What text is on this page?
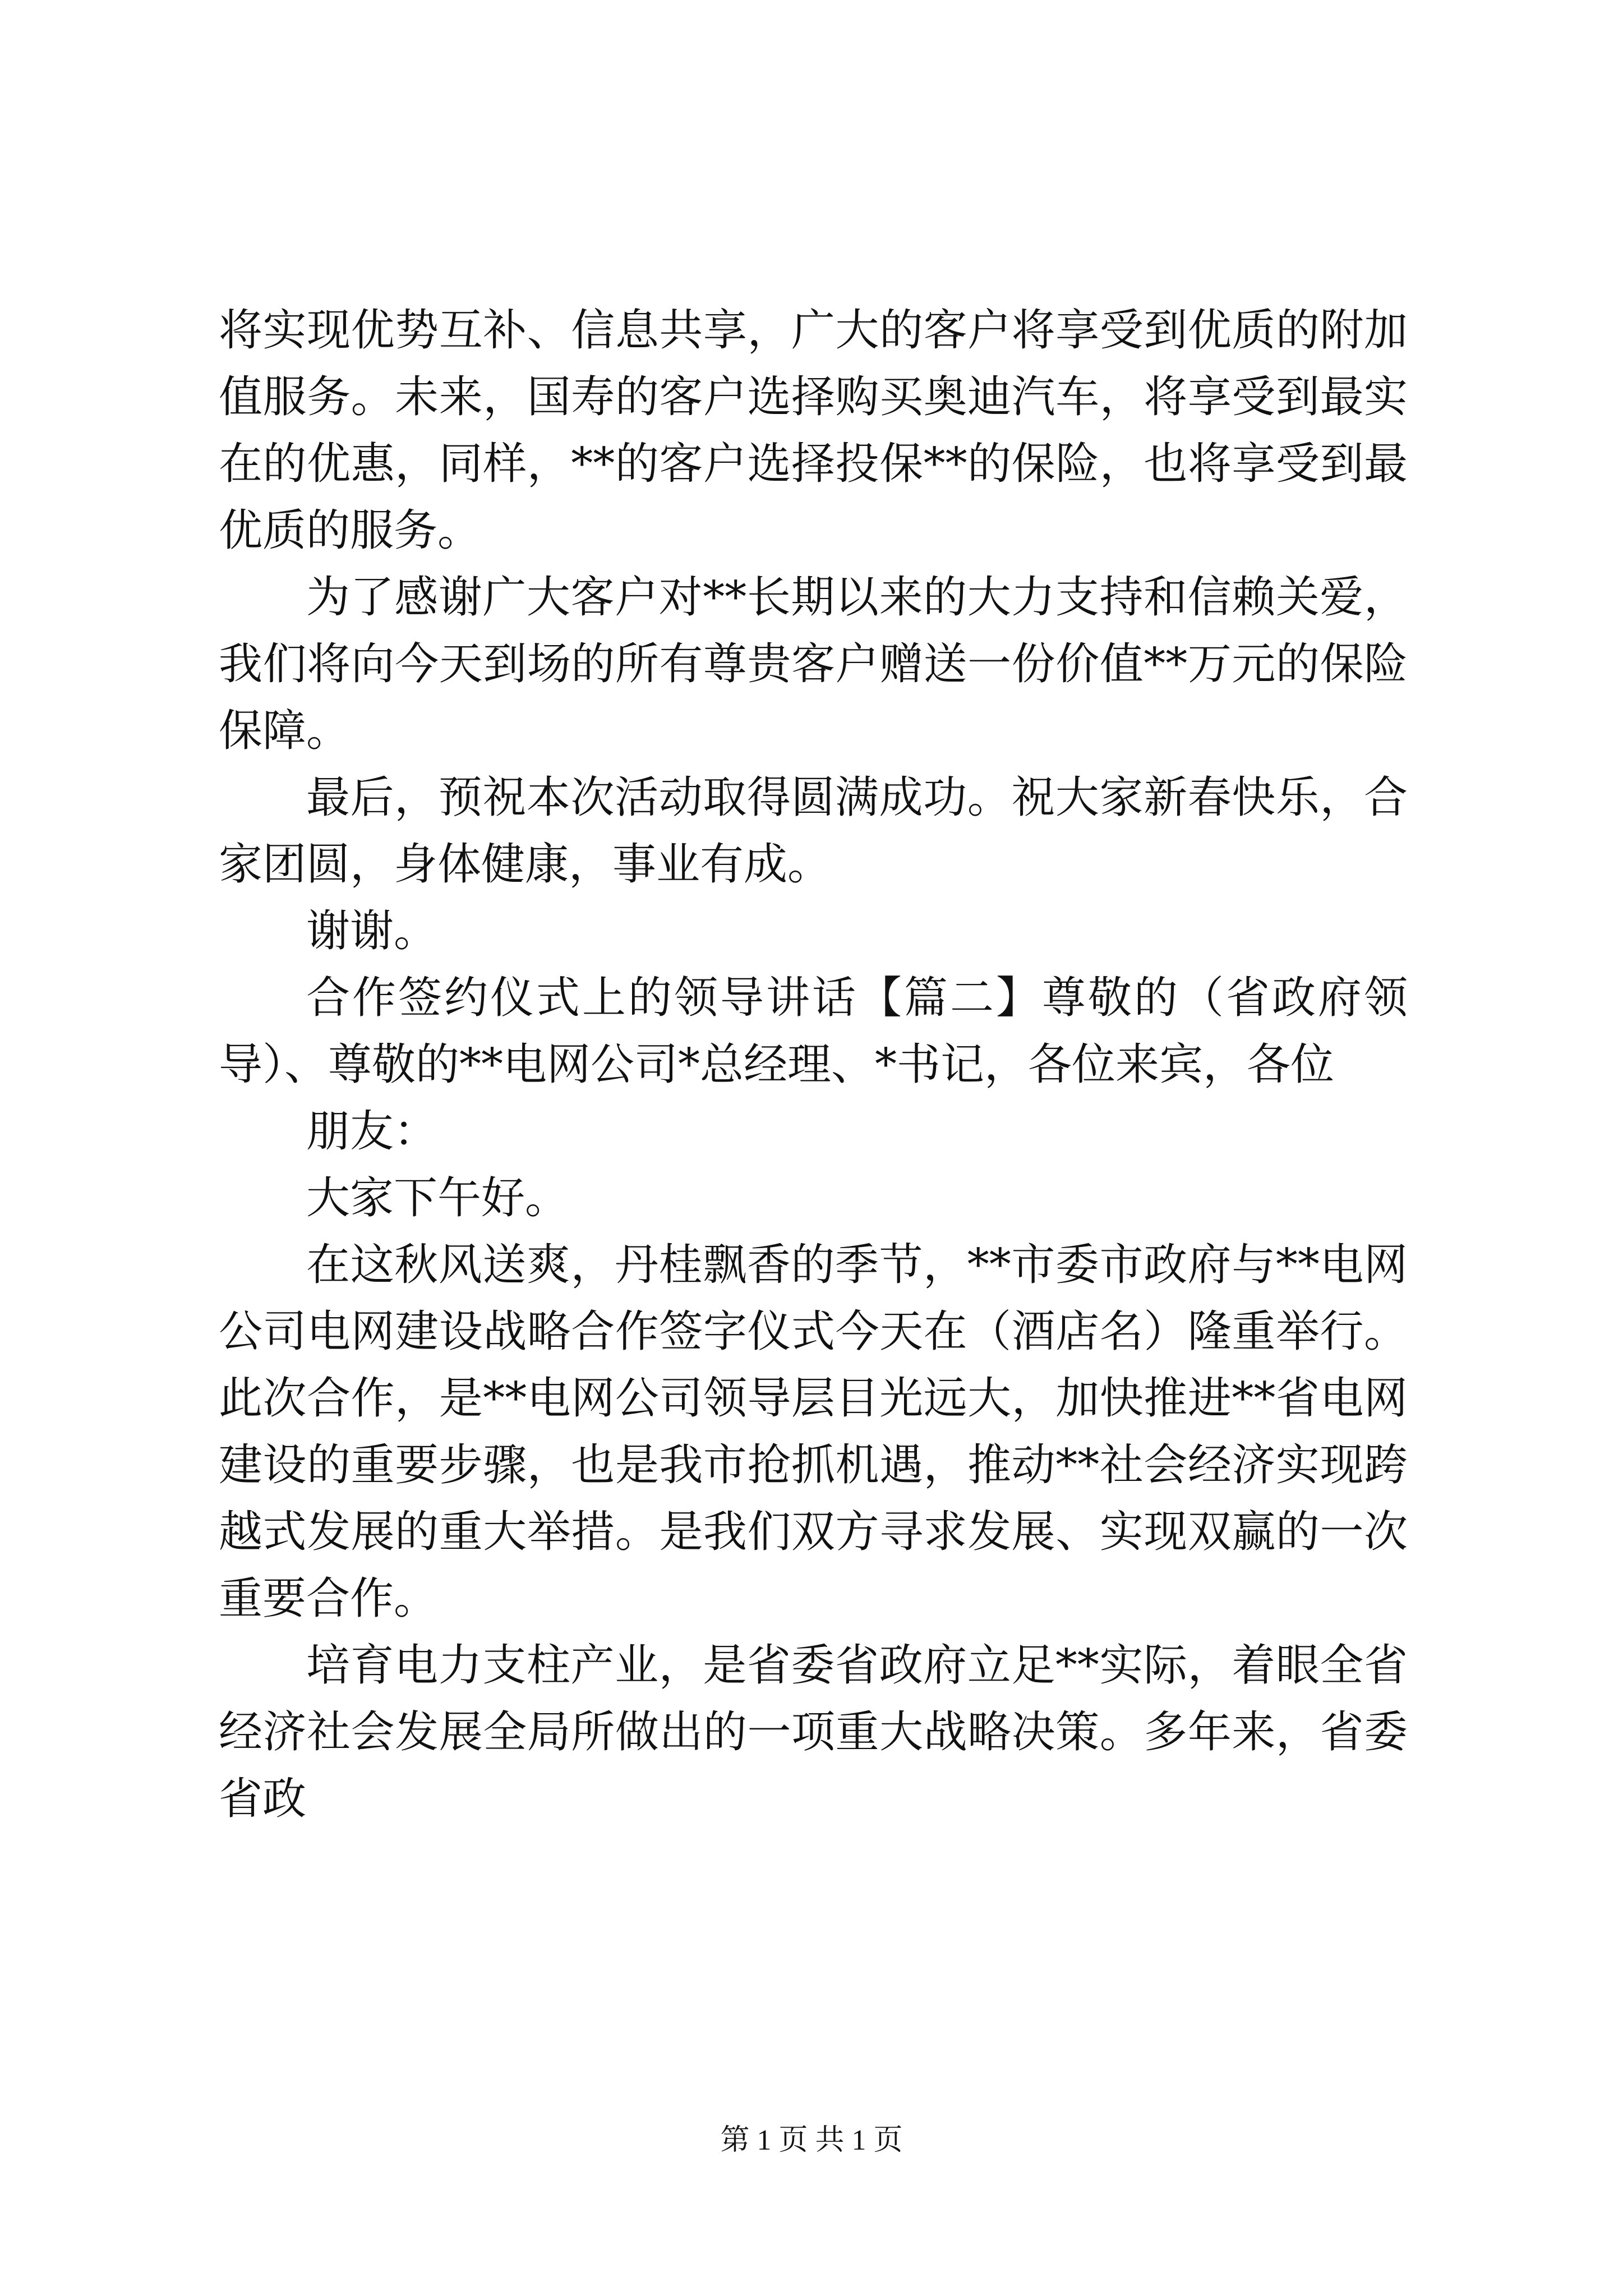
将实现优势互补、信息共享，广大的客户将享受到优质的附加值服务。未来，国寿的客户选择购买奥迪汽车，将享受到最实在的优惠，同样，**的客户选择投保**的保险，也将享受到最优质的服务。

为了感谢广大客户对**长期以来的大力支持和信赖关爱，我们将向今天到场的所有尊贵客户赠送一份价值**万元的保险保障。

最后，预祝本次活动取得圆满成功。祝大家新春快乐，合家团圆，身体健康，事业有成。

谢谢。

合作签约仪式上的领导讲话【篇二】尊敬的（省政府领导）、尊敬的**电网公司*总经理、*书记，各位来宾，各位

朋友：

大家下午好。

在这秋风送爽，丹桂飘香的季节，**市委市政府与**电网公司电网建设战略合作签字仪式今天在（酒店名）隆重举行。此次合作，是**电网公司领导层目光远大，加快推进**省电网建设的重要步骤，也是我市抢抓机遇，推动**社会经济实现跨越式发展的重大举措。是我们双方寻求发展、实现双赢的一次重要合作。

培育电力支柱产业，是省委省政府立足**实际，着眼全省经济社会发展全局所做出的一项重大战略决策。多年来，省委省政

第 1 页 共 1 页
